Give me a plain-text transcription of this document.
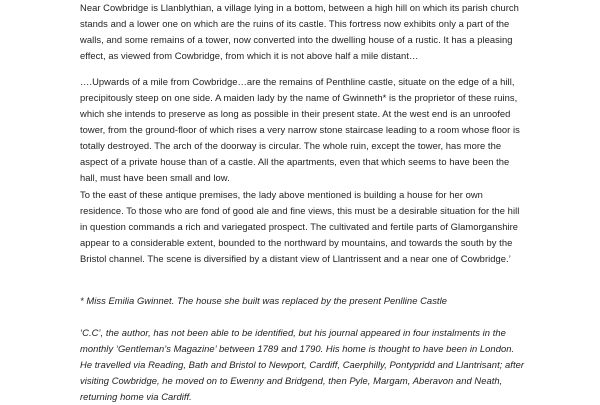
Near Cowbridge is Llanblythian, a village lying in a bottom, between a high hill on which its parish church stands and a lower one on which are the ruins of its castle. This fortress now exhibits only a part of the walls, and some remains of a tower, now converted into the dwelling house of a rustic. It has a pleasing effect, as viewed from Cowbridge, from which it is not above half a mile distant…

….Upwards of a mile from Cowbridge…are the remains of Penthline castle, situate on the edge of a hill, precipitously steep on one side. A maiden lady by the name of Gwinneth* is the proprietor of these ruins, which she intends to preserve as long as possible in their present state. At the west end is an unroofed tower, from the ground-floor of which rises a very narrow stone staircase leading to a room whose floor is totally destroyed. The arch of the doorway is circular. The whole ruin, except the tower, has more the aspect of a private house than of a castle. All the apartments, even that which seems to have been the hall, must have been small and low.

To the east of these antique premises, the lady above mentioned is building a house for her own residence. To those who are fond of good ale and fine views, this must be a desirable situation for the hill in question commands a rich and variegated prospect. The cultivated and fertile parts of Glamorganshire appear to a considerable extent, bounded to the northward by mountains, and towards the south by the Bristol channel. The scene is diversified by a distant view of Llantrissent and a near one of Cowbridge.’

* Miss Emilia Gwinnet. The house she built was replaced by the present Penlline Castle

‘C.C’, the author, has not been able to be identified, but his journal appeared in four instalments in the monthly ‘Gentleman’s Magazine’ between 1789 and 1790. His home is thought to have been in London. He travelled via Reading, Bath and Bristol to Newport, Cardiff, Caerphilly, Pontypridd and Llantrisant; after visiting Cowbridge, he moved on to Ewenny and Bridgend, then Pyle, Margam, Aberavon and Neath, returning home via Cardiff.
